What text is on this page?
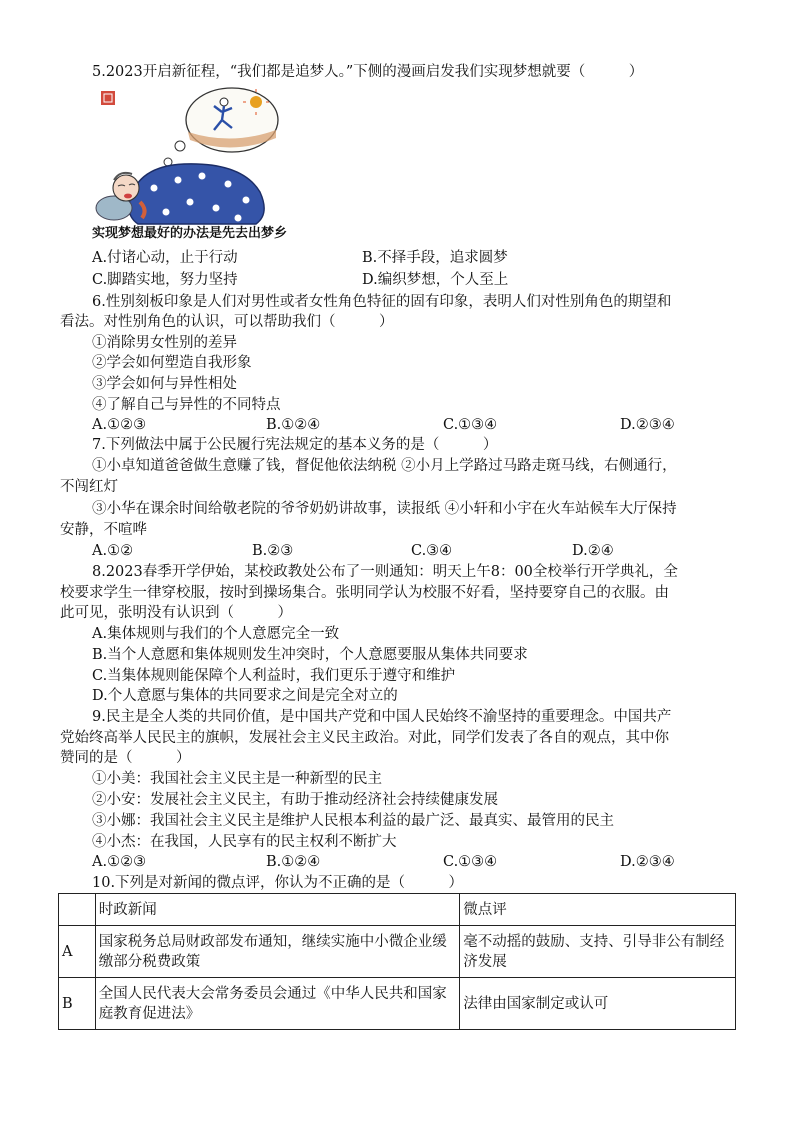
5.2023开启新征程，“我们都是追梦人。”下侧的漫画启发我们实现梦想就要（　　　）
实现梦想最好的办法是先去出梦乡
A.付诸心动，止于行动	B.不择手段，追求圆梦
C.脚踏实地，努力坚持	D.编织梦想，个人至上
6.性别刻板印象是人们对男性或者女性角色特征的固有印象，表明人们对性别角色的期望和
看法。对性别角色的认识，可以帮助我们（　　　）
①消除男女性别的差异
②学会如何塑造自我形象
③学会如何与异性相处
④了解自己与异性的不同特点
A.①②③	B.①②④	C.①③④	D.②③④
7.下列做法中属于公民履行宪法规定的基本义务的是（　　　）
①小卓知道爸爸做生意赚了钱，督促他依法纳税 ②小月上学路过马路走斑马线，右侧通行，
不闯红灯
③小华在课余时间给敬老院的爷爷奶奶讲故事，读报纸 ④小轩和小宇在火车站候车大厅保持
安静，不喧哗
A.①②	B.②③	C.③④	D.②④
8.2023春季开学伊始，某校政教处公布了一则通知：明天上午8：00全校举行开学典礼，全
校要求学生一律穿校服，按时到操场集合。张明同学认为校服不好看，坚持要穿自己的衣服。由
此可见，张明没有认识到（　　　）
A.集体规则与我们的个人意愿完全一致
B.当个人意愿和集体规则发生冲突时，个人意愿要服从集体共同要求
C.当集体规则能保障个人利益时，我们更乐于遵守和维护
D.个人意愿与集体的共同要求之间是完全对立的
9.民主是全人类的共同价值，是中国共产党和中国人民始终不渝坚持的重要理念。中国共产
党始终高举人民民主的旗帜，发展社会主义民主政治。对此，同学们发表了各自的观点，其中你
赞同的是（　　　）
①小美：我国社会主义民主是一种新型的民主
②小安：发展社会主义民主，有助于推动经济社会持续健康发展
③小娜：我国社会主义民主是维护人民根本利益的最广泛、最真实、最管用的民主
④小杰：在我国，人民享有的民主权利不断扩大
A.①②③	B.①②④	C.①③④	D.②③④
10.下列是对新闻的微点评，你认为不正确的是（　　　）
	时政新闻	微点评
A	国家税务总局财政部发布通知，继续实施中小微企业缓缴部分税费政策	毫不动摇的鼓励、支持、引导非公有制经济发展
B	全国人民代表大会常务委员会通过《中华人民共和国家庭教育促进法》	法律由国家制定或认可
